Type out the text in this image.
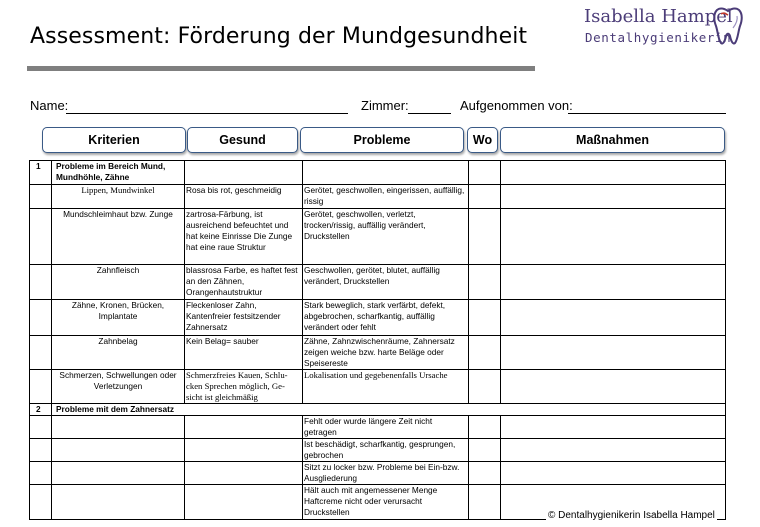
Assessment: Förderung der Mundgesundheit
Isabella Hampel
Dentalhygienikerin
Name:	Zimmer:	Aufgenommen von:
Kriterien	Gesund	Probleme	Wo	Maßnahmen
1	Probleme im Bereich Mund, Mundhöhle, Zähne				
	Lippen, Mundwinkel	Rosa bis rot, geschmeidig	Gerötet, geschwollen, eingerissen, auffällig, rissig		
	Mundschleimhaut bzw. Zunge	zartrosa-Färbung, ist ausreichend befeuchtet und hat keine Einrisse Die Zunge hat eine raue Struktur	Gerötet, geschwollen, verletzt, trocken/rissig, auffällig verändert, Druckstellen		
	Zahnfleisch	blassrosa Farbe, es haftet fest an den Zähnen, Orangenhautstruktur	Geschwollen, gerötet, blutet, auffällig verändert, Druckstellen		
	Zähne, Kronen, Brücken, Implantate	Fleckenloser Zahn, Kantenfreier festsitzender Zahnersatz	Stark beweglich, stark verfärbt, defekt, abgebrochen, scharfkantig, auffällig verändert oder fehlt		
	Zahnbelag	Kein Belag= sauber	Zähne, Zahnzwischenräume, Zahnersatz zeigen weiche bzw. harte Beläge oder Speisereste		
	Schmerzen, Schwellungen oder Verletzungen	Schmerzfreies Kauen, Schlu-cken Sprechen möglich, Ge-sicht ist gleichmäßig	Lokalisation und gegebenenfalls Ursache		
2	Probleme mit dem Zahnersatz				
			Fehlt oder wurde längere Zeit nicht getragen		
			Ist beschädigt, scharfkantig, gesprungen, gebrochen		
			Sitzt zu locker bzw. Probleme bei Ein-bzw. Ausgliederung		
			Hält auch mit angemessener Menge Haftcreme nicht oder verursacht Druckstellen			© Dentalhygienikerin Isabella Hampel
